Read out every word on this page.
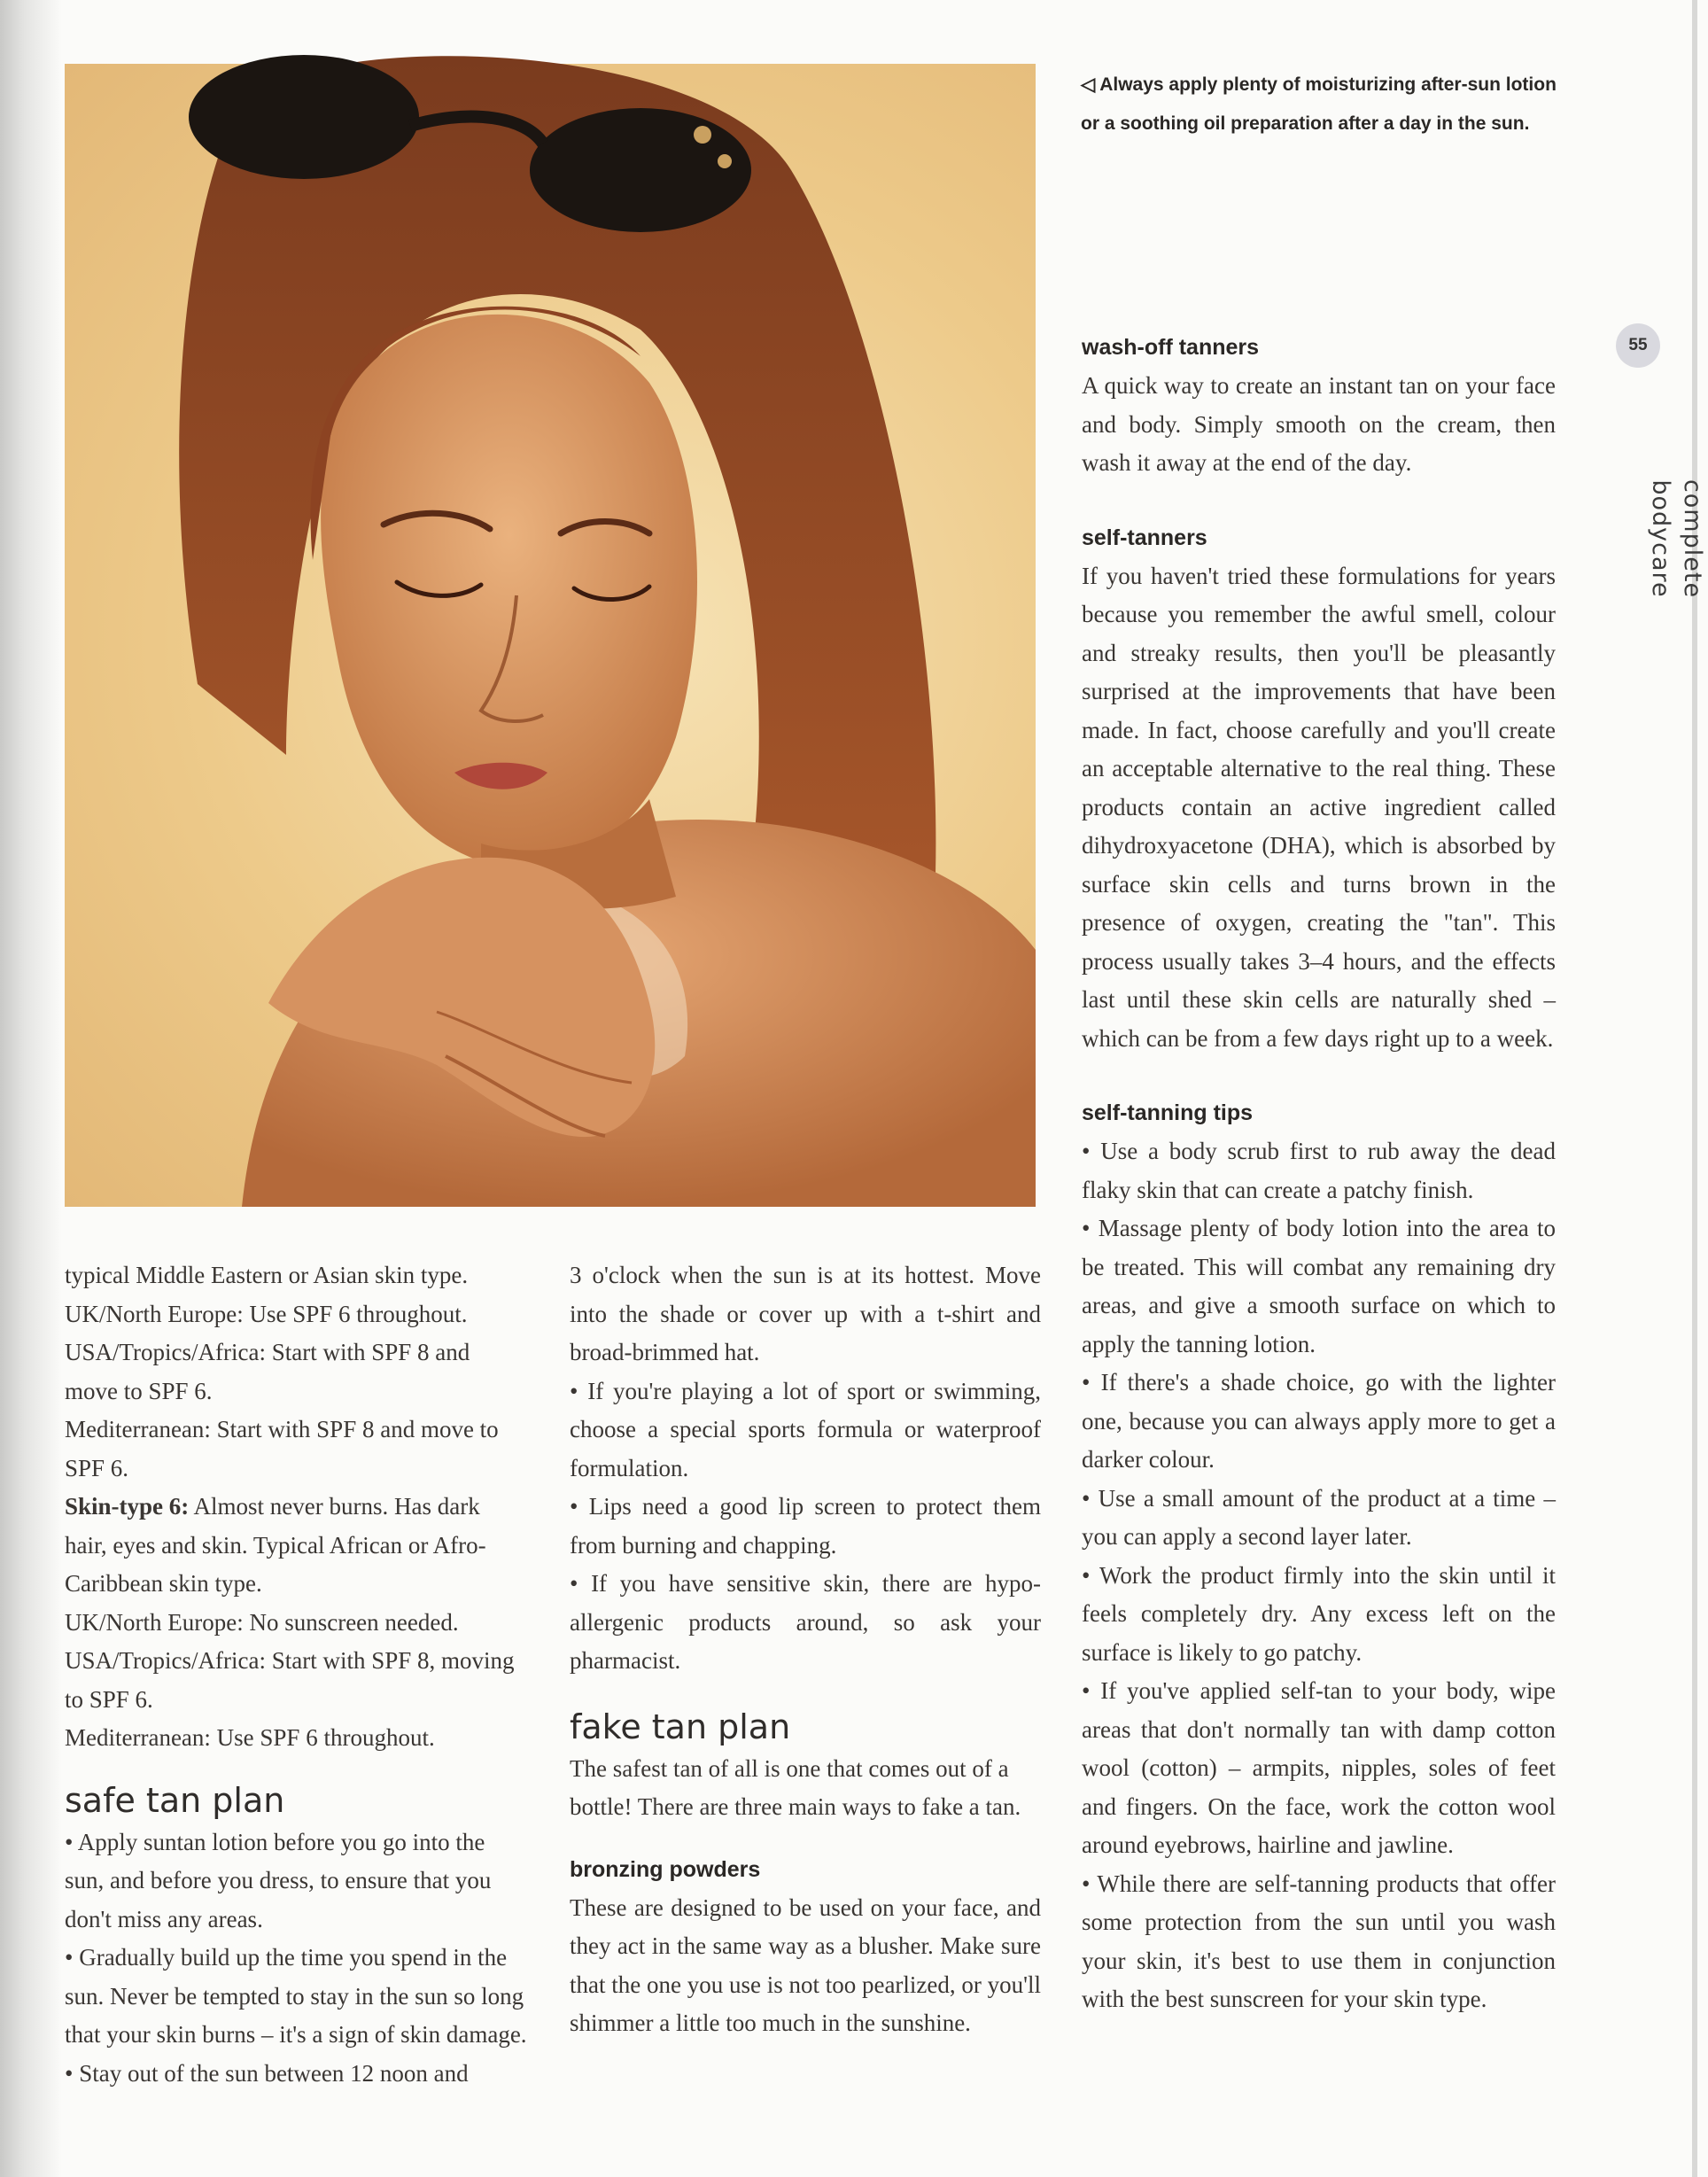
◁ Always apply plenty of moisturizing after-sun lotion or a soothing oil preparation after a day in the sun.
55
complete bodycare

typical Middle Eastern or Asian skin type.

UK/North Europe: Use SPF 6 throughout.

USA/Tropics/Africa: Start with SPF 8 and move to SPF 6.

Mediterranean: Start with SPF 8 and move to SPF 6.

Skin-type 6: Almost never burns. Has dark hair, eyes and skin. Typical African or Afro-Caribbean skin type.

UK/North Europe: No sunscreen needed.

USA/Tropics/Africa: Start with SPF 8, moving to SPF 6.

Mediterranean: Use SPF 6 throughout.

safe tan plan

• Apply suntan lotion before you go into the sun, and before you dress, to ensure that you don't miss any areas.

• Gradually build up the time you spend in the sun. Never be tempted to stay in the sun so long that your skin burns – it's a sign of skin damage.

• Stay out of the sun between 12 noon and

3 o'clock when the sun is at its hottest. Move into the shade or cover up with a t-shirt and broad-brimmed hat.

• If you're playing a lot of sport or swimming, choose a special sports formula or waterproof formulation.

• Lips need a good lip screen to protect them from burning and chapping.

• If you have sensitive skin, there are hypo-allergenic products around, so ask your pharmacist.

fake tan plan

The safest tan of all is one that comes out of a bottle! There are three main ways to fake a tan.

bronzing powders

These are designed to be used on your face, and they act in the same way as a blusher. Make sure that the one you use is not too pearlized, or you'll shimmer a little too much in the sunshine.

wash-off tanners

A quick way to create an instant tan on your face and body. Simply smooth on the cream, then wash it away at the end of the day.

self-tanners

If you haven't tried these formulations for years because you remember the awful smell, colour and streaky results, then you'll be pleasantly surprised at the improvements that have been made. In fact, choose carefully and you'll create an acceptable alternative to the real thing. These products contain an active ingredient called dihydroxyacetone (DHA), which is absorbed by surface skin cells and turns brown in the presence of oxygen, creating the "tan". This process usually takes 3–4 hours, and the effects last until these skin cells are naturally shed – which can be from a few days right up to a week.

self-tanning tips

• Use a body scrub first to rub away the dead flaky skin that can create a patchy finish.

• Massage plenty of body lotion into the area to be treated. This will combat any remaining dry areas, and give a smooth surface on which to apply the tanning lotion.

• If there's a shade choice, go with the lighter one, because you can always apply more to get a darker colour.

• Use a small amount of the product at a time – you can apply a second layer later.

• Work the product firmly into the skin until it feels completely dry. Any excess left on the surface is likely to go patchy.

• If you've applied self-tan to your body, wipe areas that don't normally tan with damp cotton wool (cotton) – armpits, nipples, soles of feet and fingers. On the face, work the cotton wool around eyebrows, hairline and jawline.

• While there are self-tanning products that offer some protection from the sun until you wash your skin, it's best to use them in conjunction with the best sunscreen for your skin type.
